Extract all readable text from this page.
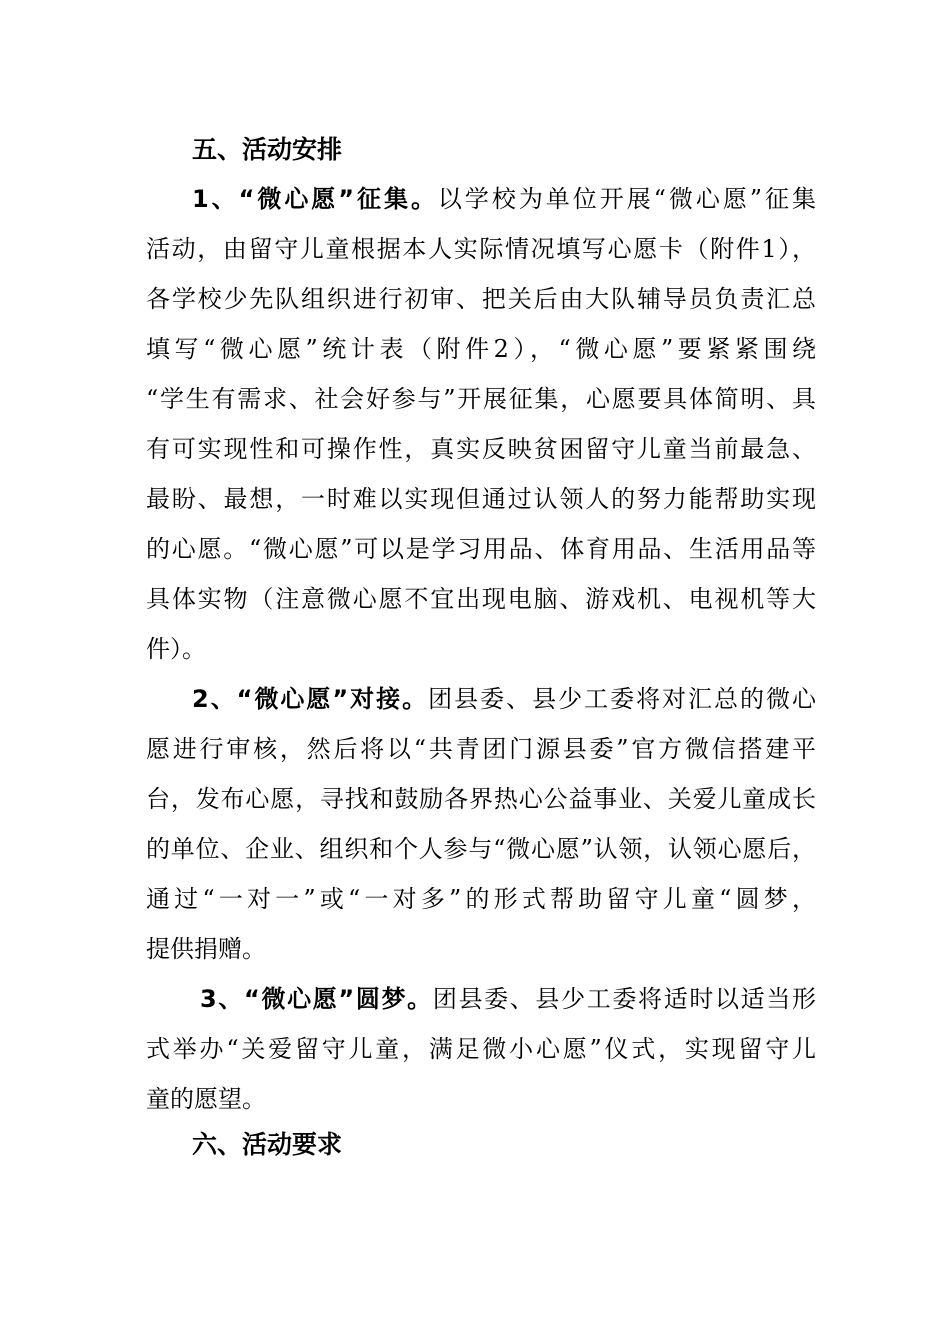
五、活动安排
1、“微心愿”征集。以学校为单位开展“微心愿”征集
活动，由留守儿童根据本人实际情况填写心愿卡（附件1），
各学校少先队组织进行初审、把关后由大队辅导员负责汇总
填写“微心愿”统计表（附件2），“微心愿”要紧紧围绕
“学生有需求、社会好参与”开展征集，心愿要具体简明、具
有可实现性和可操作性，真实反映贫困留守儿童当前最急、
最盼、最想，一时难以实现但通过认领人的努力能帮助实现
的心愿。“微心愿”可以是学习用品、体育用品、生活用品等
具体实物（注意微心愿不宜出现电脑、游戏机、电视机等大
件）。
2、“微心愿”对接。团县委、县少工委将对汇总的微心
愿进行审核，然后将以“共青团门源县委”官方微信搭建平
台，发布心愿，寻找和鼓励各界热心公益事业、关爱儿童成长
的单位、企业、组织和个人参与“微心愿”认领，认领心愿后，
通过“一对一”或“一对多”的形式帮助留守儿童“圆梦，
提供捐赠。
3、“微心愿”圆梦。团县委、县少工委将适时以适当形
式举办“关爱留守儿童，满足微小心愿”仪式，实现留守儿
童的愿望。
六、活动要求
